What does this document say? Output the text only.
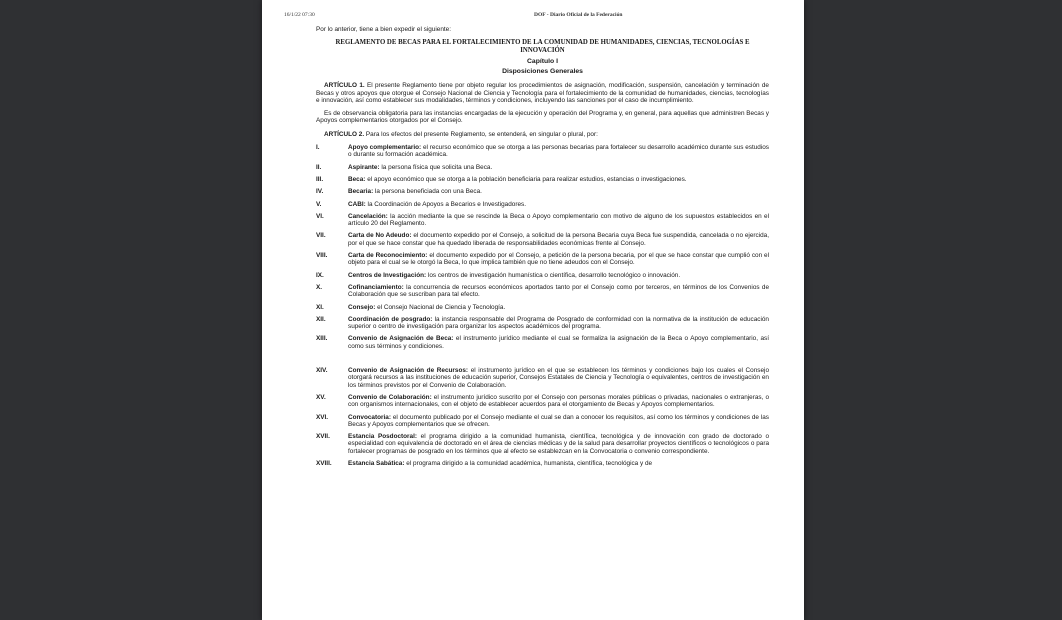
16/1/22 07:30	DOF - Diario Oficial de la Federación

Por lo anterior, tiene a bien expedir el siguiente:

REGLAMENTO DE BECAS PARA EL FORTALECIMIENTO DE LA COMUNIDAD DE HUMANIDADES, CIENCIAS, TECNOLOGÍAS E INNOVACIÓN

Capítulo I

Disposiciones Generales

ARTÍCULO 1. El presente Reglamento tiene por objeto regular los procedimientos de asignación, modificación, suspensión, cancelación y terminación de Becas y otros apoyos que otorgue el Consejo Nacional de Ciencia y Tecnología para el fortalecimiento de la comunidad de humanidades, ciencias, tecnologías e innovación, así como establecer sus modalidades, términos y condiciones, incluyendo las sanciones por el caso de incumplimiento.

Es de observancia obligatoria para las instancias encargadas de la ejecución y operación del Programa y, en general, para aquellas que administren Becas y Apoyos complementarios otorgados por el Consejo.

ARTÍCULO 2. Para los efectos del presente Reglamento, se entenderá, en singular o plural, por:

I.	Apoyo complementario: el recurso económico que se otorga a las personas becarias para fortalecer su desarrollo académico durante sus estudios o durante su formación académica.
II.	Aspirante: la persona física que solicita una Beca.
III.	Beca: el apoyo económico que se otorga a la población beneficiaria para realizar estudios, estancias o investigaciones.
IV.	Becaria: la persona beneficiada con una Beca.
V.	CABI: la Coordinación de Apoyos a Becarios e Investigadores.
VI.	Cancelación: la acción mediante la que se rescinde la Beca o Apoyo complementario con motivo de alguno de los supuestos establecidos en el artículo 20 del Reglamento.
VII.	Carta de No Adeudo: el documento expedido por el Consejo, a solicitud de la persona Becaria cuya Beca fue suspendida, cancelada o no ejercida, por el que se hace constar que ha quedado liberada de responsabilidades económicas frente al Consejo.
VIII.	Carta de Reconocimiento: el documento expedido por el Consejo, a petición de la persona becaria, por el que se hace constar que cumplió con el objeto para el cual se le otorgó la Beca, lo que implica también que no tiene adeudos con el Consejo.
IX.	Centros de Investigación: los centros de investigación humanística o científica, desarrollo tecnológico o innovación.
X.	Cofinanciamiento: la concurrencia de recursos económicos aportados tanto por el Consejo como por terceros, en términos de los Convenios de Colaboración que se suscriban para tal efecto.
XI.	Consejo: el Consejo Nacional de Ciencia y Tecnología.
XII.	Coordinación de posgrado: la instancia responsable del Programa de Posgrado de conformidad con la normativa de la institución de educación superior o centro de investigación para organizar los aspectos académicos del programa.
XIII.	Convenio de Asignación de Beca: el instrumento jurídico mediante el cual se formaliza la asignación de la Beca o Apoyo complementario, así como sus términos y condiciones.
XIV.	Convenio de Asignación de Recursos: el instrumento jurídico en el que se establecen los términos y condiciones bajo los cuales el Consejo otorgará recursos a las instituciones de educación superior, Consejos Estatales de Ciencia y Tecnología o equivalentes, centros de investigación en los términos previstos por el Convenio de Colaboración.
XV.	Convenio de Colaboración: el instrumento jurídico suscrito por el Consejo con personas morales públicas o privadas, nacionales o extranjeras, o con organismos internacionales, con el objeto de establecer acuerdos para el otorgamiento de Becas y Apoyos complementarios.
XVI.	Convocatoria: el documento publicado por el Consejo mediante el cual se dan a conocer los requisitos, así como los términos y condiciones de las Becas y Apoyos complementarios que se ofrecen.
XVII.	Estancia Posdoctoral: el programa dirigido a la comunidad humanista, científica, tecnológica y de innovación con grado de doctorado o especialidad con equivalencia de doctorado en el área de ciencias médicas y de la salud para desarrollar proyectos científicos o tecnológicos o para fortalecer programas de posgrado en los términos que al efecto se establezcan en la Convocatoria o convenio correspondiente.
XVIII.	Estancia Sabática: el programa dirigido a la comunidad académica, humanista, científica, tecnológica y de
